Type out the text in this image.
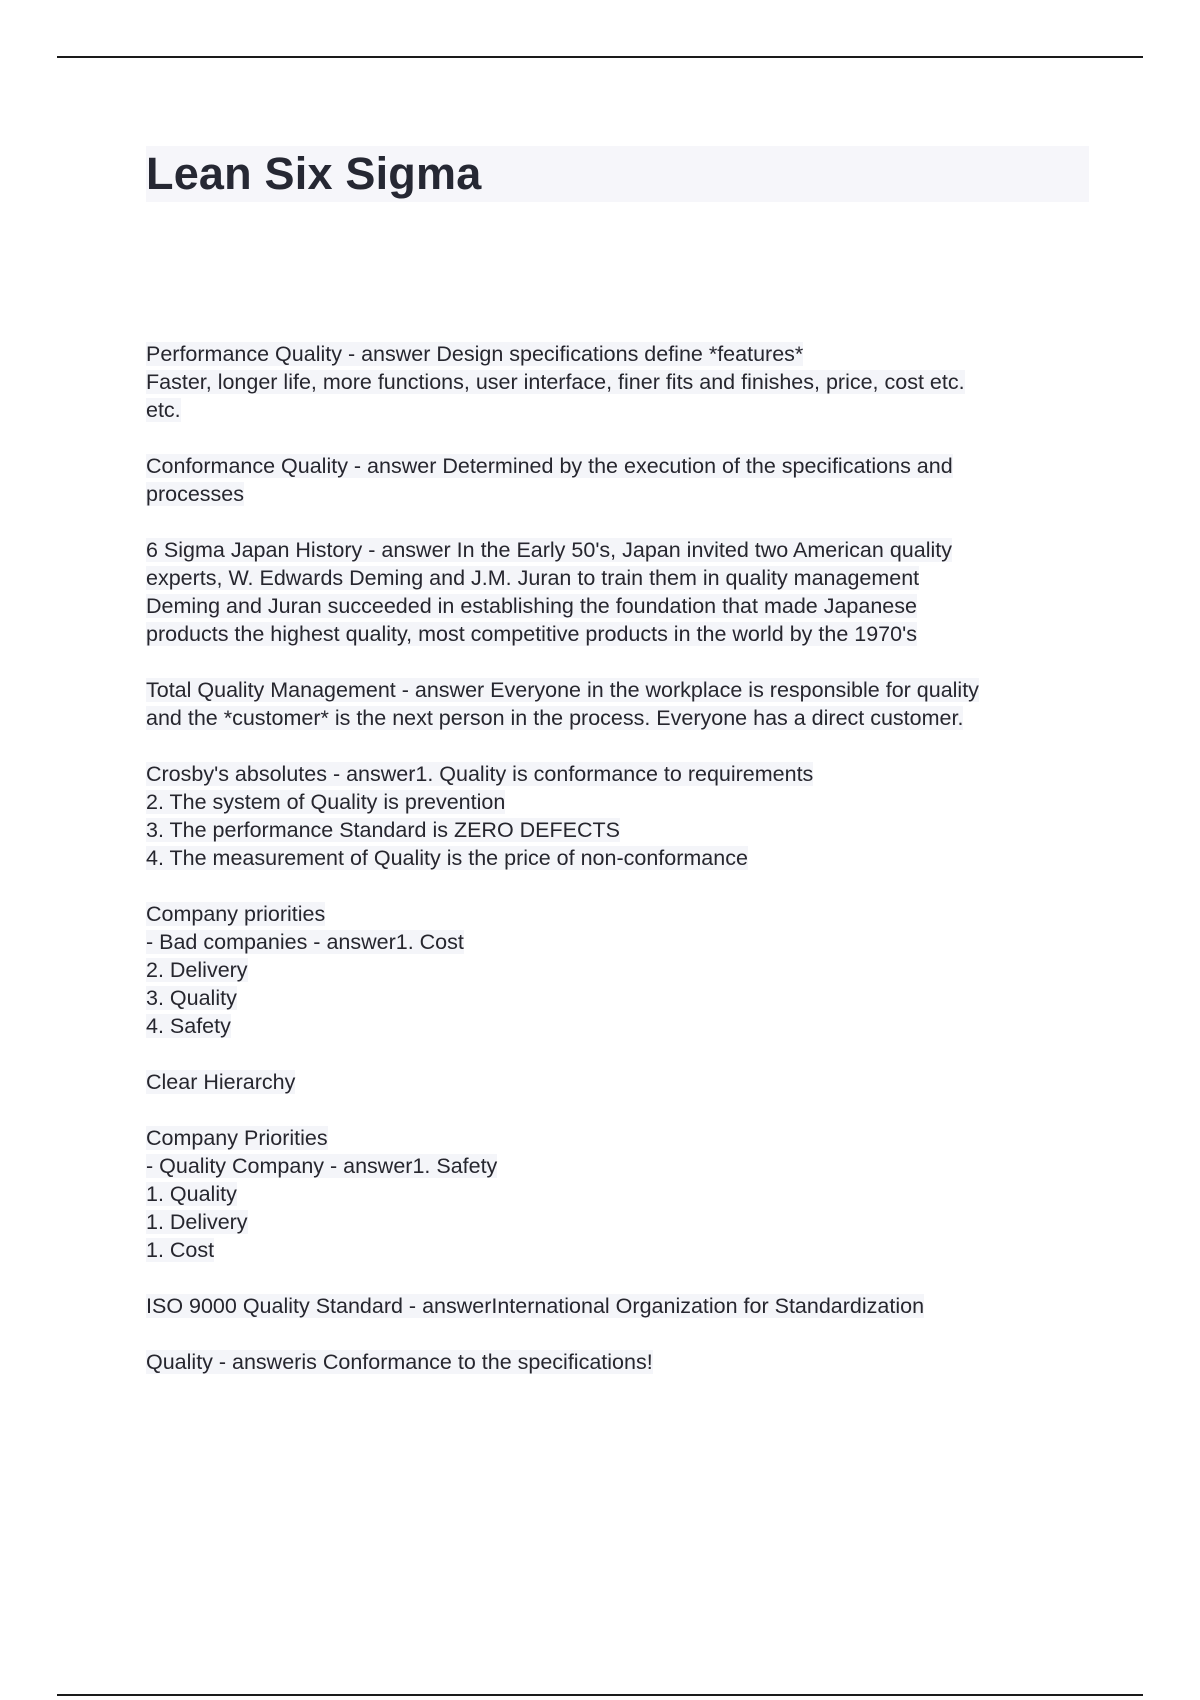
Lean Six Sigma

Performance Quality - answer Design specifications define *features*
Faster, longer life, more functions, user interface, finer fits and finishes, price, cost etc.
etc.

Conformance Quality - answer Determined by the execution of the specifications and
processes

6 Sigma Japan History - answer In the Early 50's, Japan invited two American quality
experts, W. Edwards Deming and J.M. Juran to train them in quality management
Deming and Juran succeeded in establishing the foundation that made Japanese
products the highest quality, most competitive products in the world by the 1970's

Total Quality Management - answer Everyone in the workplace is responsible for quality
and the *customer* is the next person in the process. Everyone has a direct customer.

Crosby's absolutes - answer1. Quality is conformance to requirements
2. The system of Quality is prevention
3. The performance Standard is ZERO DEFECTS
4. The measurement of Quality is the price of non-conformance

Company priorities
- Bad companies - answer1. Cost
2. Delivery
3. Quality
4. Safety

Clear Hierarchy

Company Priorities
- Quality Company - answer1. Safety
1. Quality
1. Delivery
1. Cost

ISO 9000 Quality Standard - answerInternational Organization for Standardization

Quality - answeris Conformance to the specifications!
